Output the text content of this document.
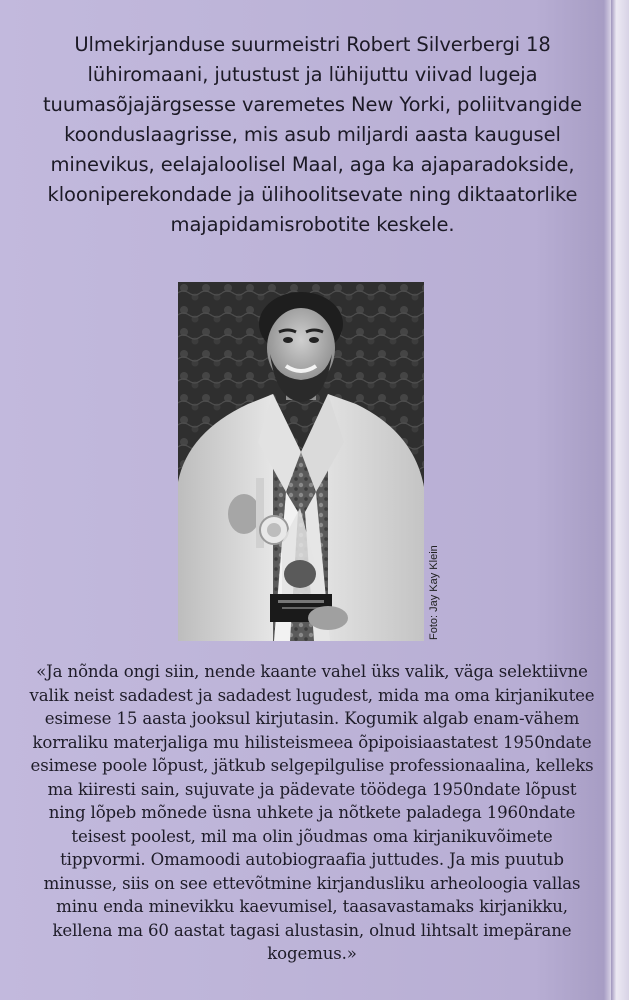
Ulmekirjanduse suurmeistri Robert Silverbergi 18 lühiromaani, jutustust ja lühijuttu viivad lugeja tuumasõjajärgsesse varemetes New Yorki, poliitvangide koonduslaagrisse, mis asub miljardi aasta kaugusel minevikus, eelajaloolisel Maal, aga ka ajaparadokside, klooniperekondade ja ülihoolitsevate ning diktaatorlike majapidamisrobotite keskele.

Foto: Jay Kay Klein

«Ja nõnda ongi siin, nende kaante vahel üks valik, väga selektiivne valik neist sadadest ja sadadest lugudest, mida ma oma kirjanikutee esimese 15 aasta jooksul kirjutasin. Kogumik algab enam-vähem korraliku materjaliga mu hilisteismeea õpipoisiaastatest 1950ndate esimese poole lõpust, jätkub selgepilgulise professionaalina, kelleks ma kiiresti sain, sujuvate ja pädevate töödega 1950ndate lõpust ning lõpeb mõnede üsna uhkete ja nõtkete paladega 1960ndate teisest poolest, mil ma olin jõudmas oma kirjanikuvõimete tippvormi. Omamoodi autobiograafia juttudes. Ja mis puutub minusse, siis on see ettevõtmine kirjandusliku arheoloogia vallas minu enda minevikku kaevumisel, taasavastamaks kirjanikku, kellena ma 60 aastat tagasi alustasin, olnud lihtsalt imepärane kogemus.»
